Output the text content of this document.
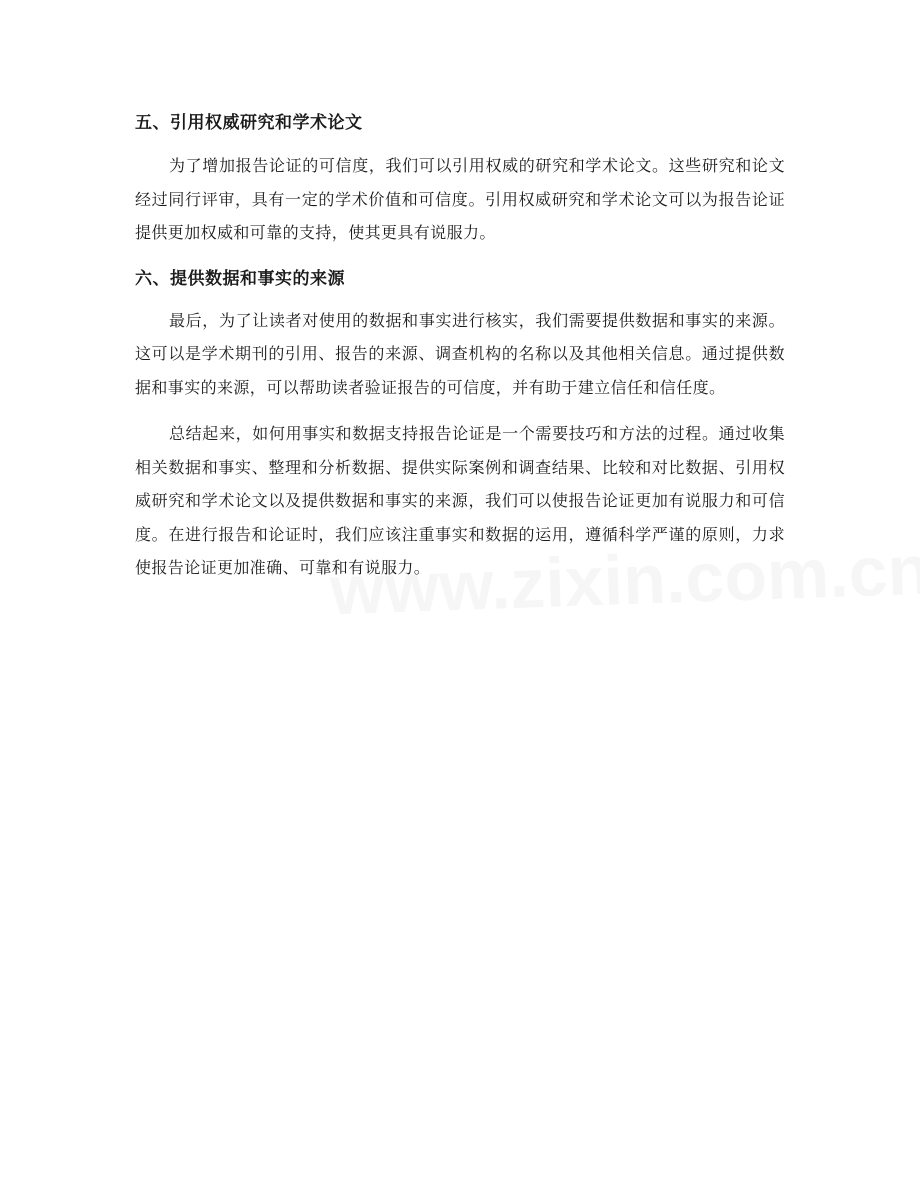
五、引用权威研究和学术论文

为了增加报告论证的可信度，我们可以引用权威的研究和学术论文。这些研究和论文经过同行评审，具有一定的学术价值和可信度。引用权威研究和学术论文可以为报告论证提供更加权威和可靠的支持，使其更具有说服力。

六、提供数据和事实的来源

最后，为了让读者对使用的数据和事实进行核实，我们需要提供数据和事实的来源。这可以是学术期刊的引用、报告的来源、调查机构的名称以及其他相关信息。通过提供数据和事实的来源，可以帮助读者验证报告的可信度，并有助于建立信任和信任度。

总结起来，如何用事实和数据支持报告论证是一个需要技巧和方法的过程。通过收集相关数据和事实、整理和分析数据、提供实际案例和调查结果、比较和对比数据、引用权威研究和学术论文以及提供数据和事实的来源，我们可以使报告论证更加有说服力和可信度。在进行报告和论证时，我们应该注重事实和数据的运用，遵循科学严谨的原则，力求使报告论证更加准确、可靠和有说服力。
